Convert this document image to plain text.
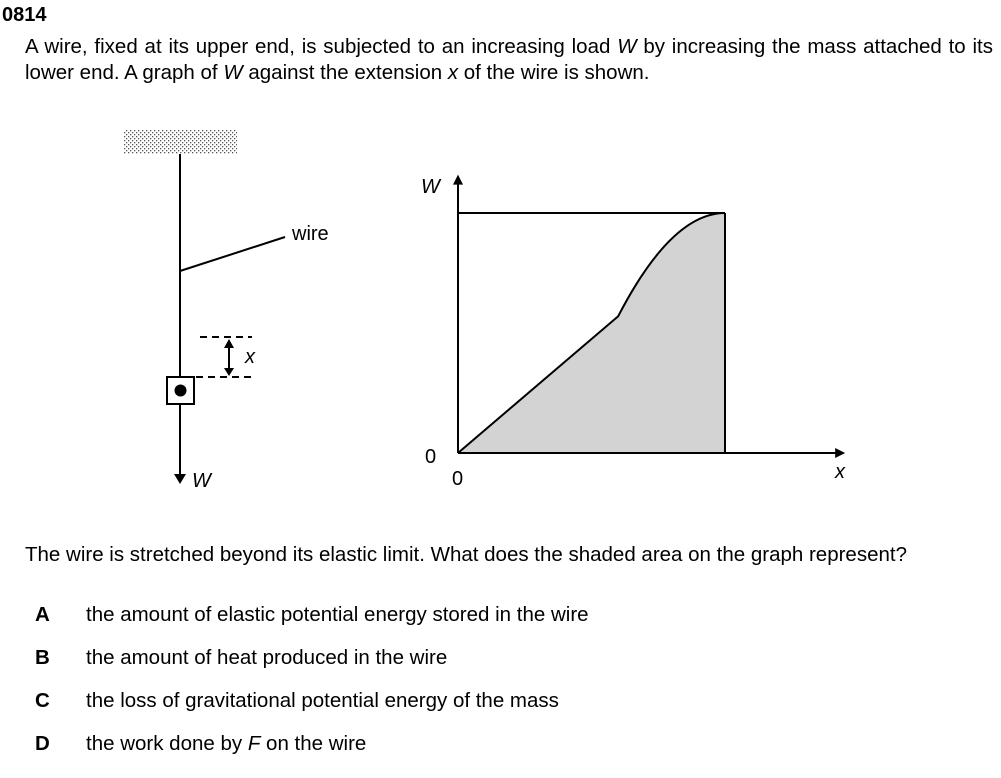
0814
A wire, fixed at its upper end, is subjected to an increasing load W by increasing the mass attached to its lower end. A graph of W against the extension x of the wire is shown.
wire
x
W
W
x
0
0
The wire is stretched beyond its elastic limit. What does the shaded area on the graph represent?
A the amount of elastic potential energy stored in the wire
B the amount of heat produced in the wire
C the loss of gravitational potential energy of the mass
D the work done by F on the wire
